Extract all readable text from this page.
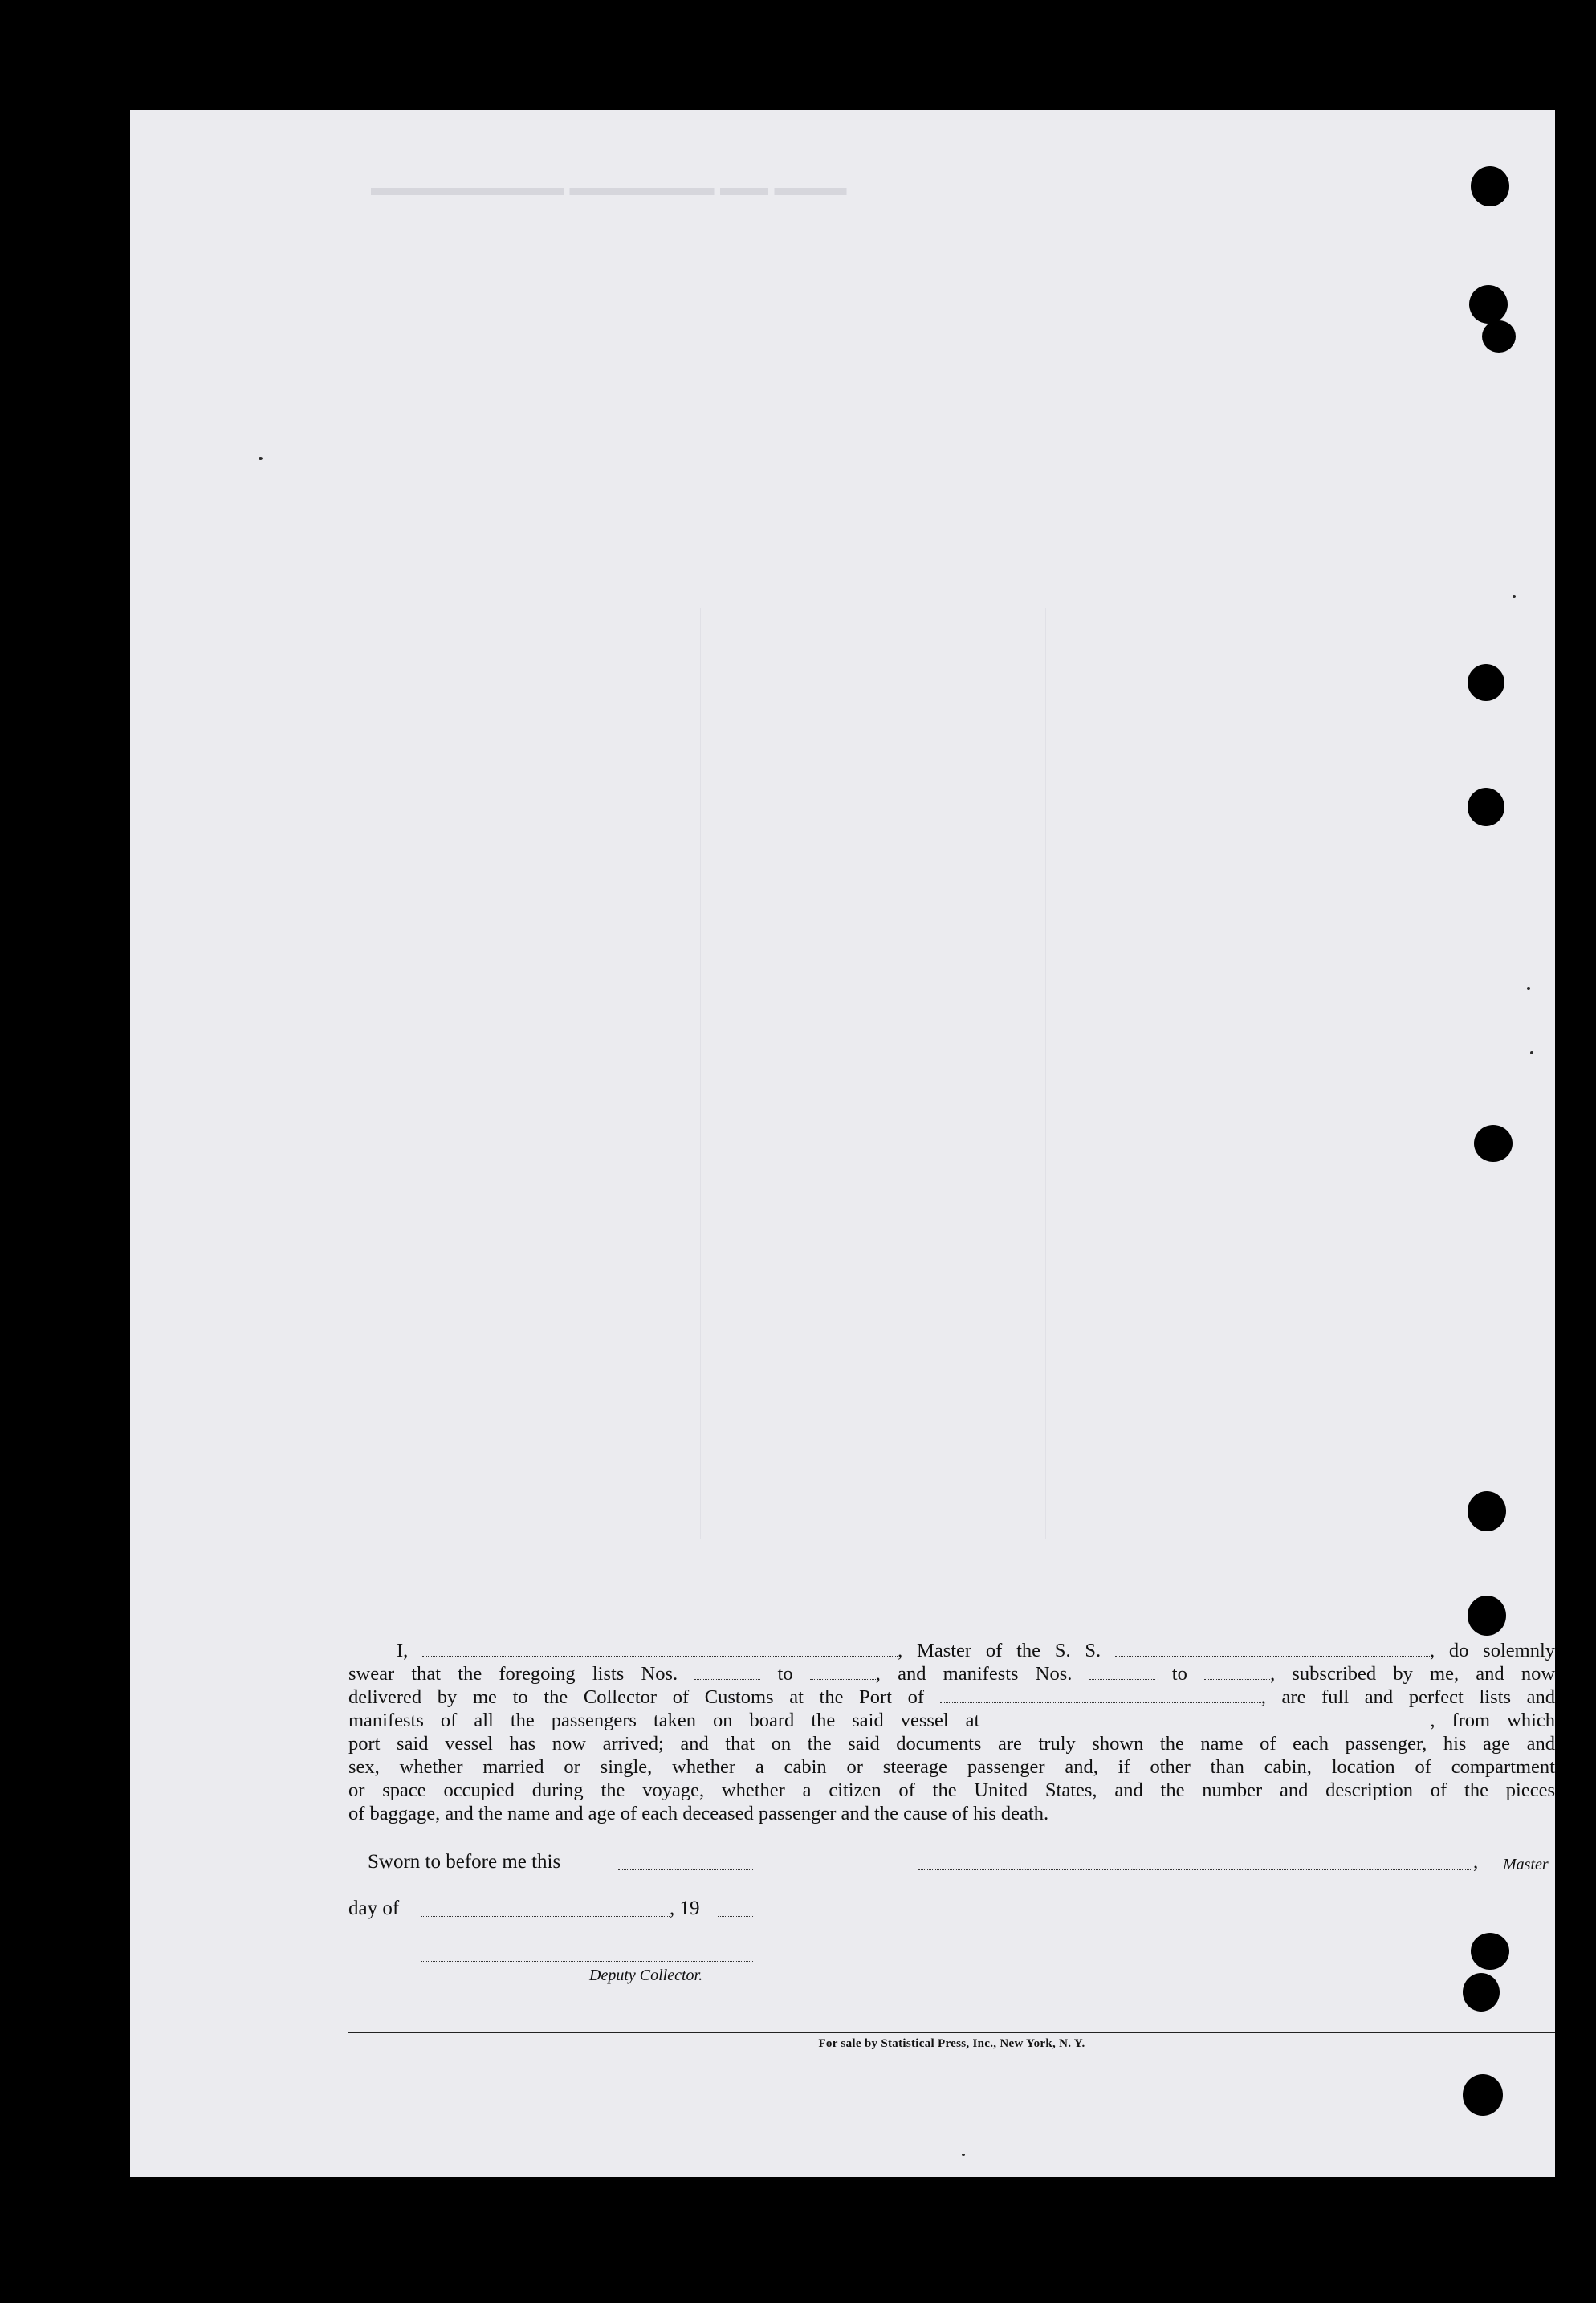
▬▬▬ ▬▬ ▬▬▬▬▬▬ ▬▬▬▬▬▬▬▬
I,	, Master of the S. S.	, do solemnly
swear that the foregoing lists Nos.	to	, and manifests Nos.	to	, subscribed by me, and now
delivered by me to the Collector of Customs at the Port of	, are full and perfect lists and
manifests of all the passengers taken on board the said vessel at	, from which
port said vessel has now arrived; and that on the said documents are truly shown the name of each passenger, his age and
sex, whether married or single, whether a cabin or steerage passenger and, if other than cabin, location of compartment
or space occupied during the voyage, whether a citizen of the United States, and the number and description of the pieces
of baggage, and the name and age of each deceased passenger and the cause of his death.
Sworn to before me this	, Master
day of	, 19
Deputy Collector.
For sale by Statistical Press, Inc., New York, N. Y.
